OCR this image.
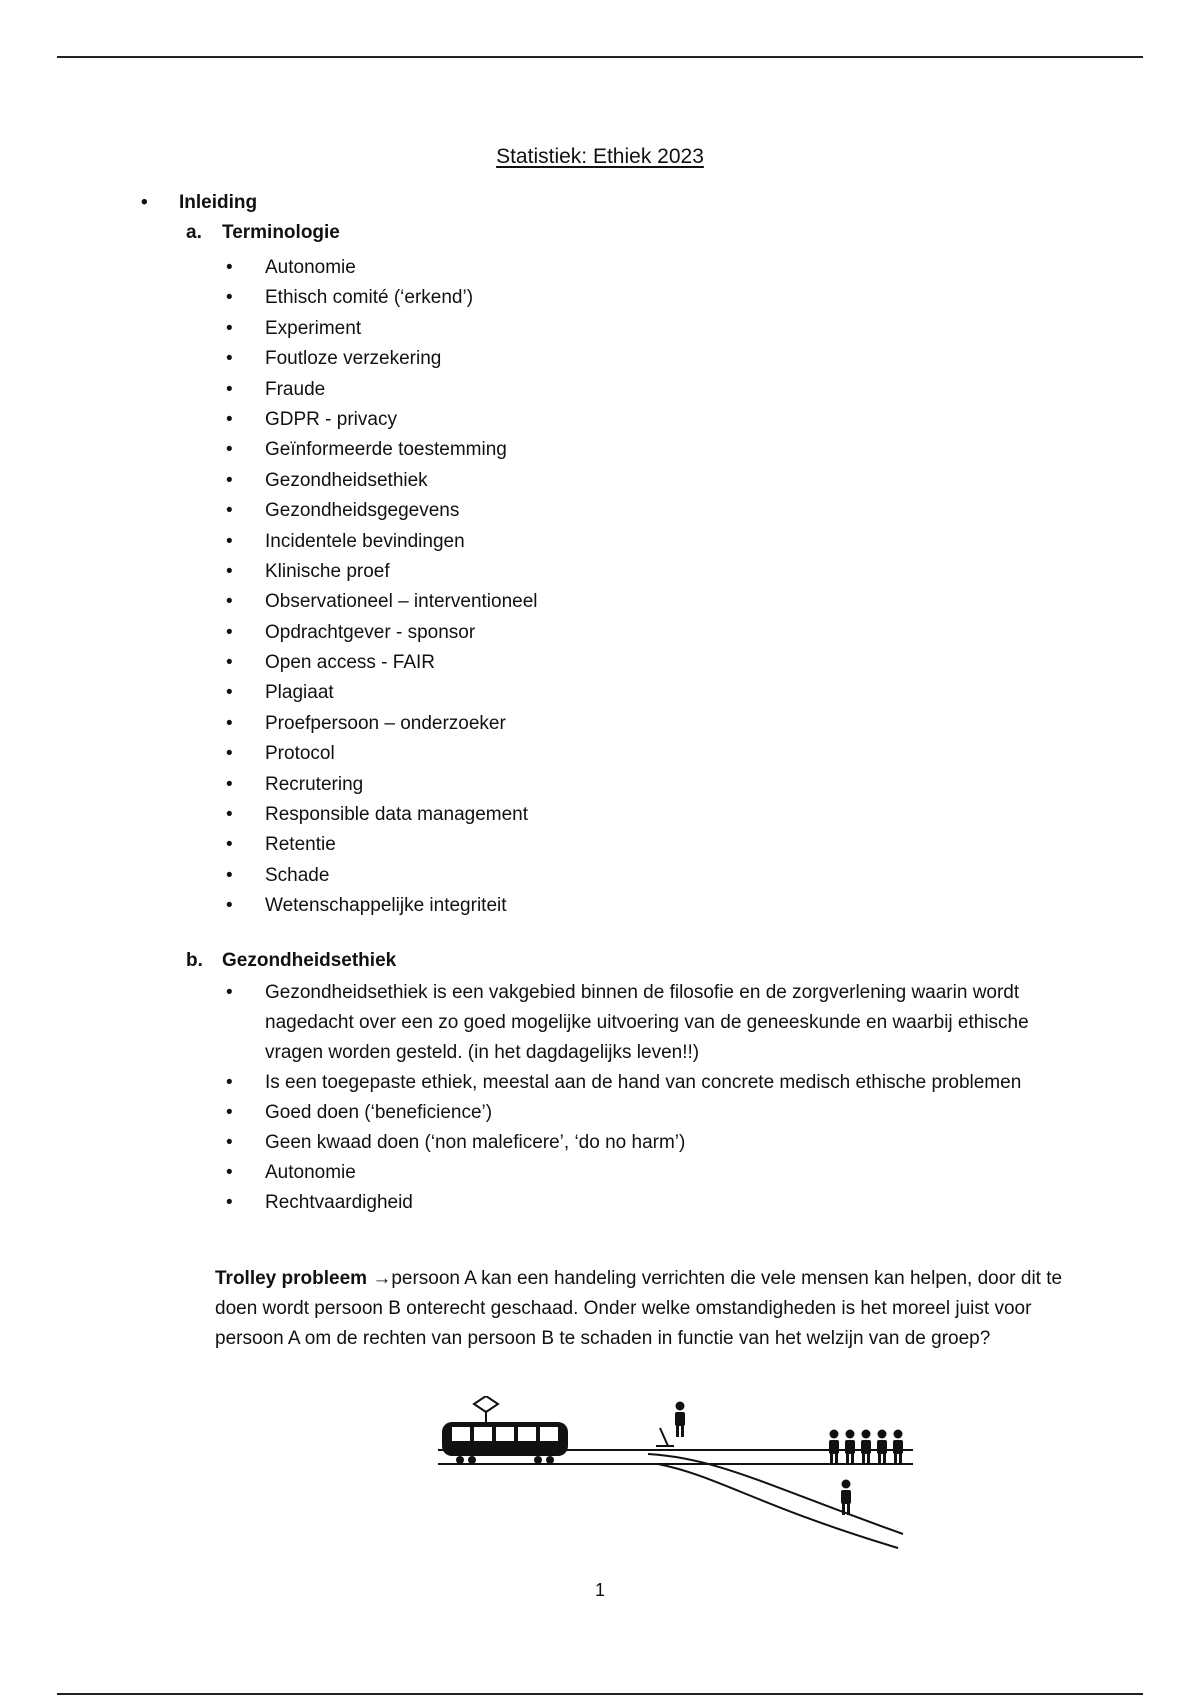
Statistiek: Ethiek 2023
• Inleiding
a. Terminologie
• Autonomie
• Ethisch comité (‘erkend’)
• Experiment
• Foutloze verzekering
• Fraude
• GDPR - privacy
• Geïnformeerde toestemming
• Gezondheidsethiek
• Gezondheidsgegevens
• Incidentele bevindingen
• Klinische proef
• Observationeel – interventioneel
• Opdrachtgever - sponsor
• Open access - FAIR
• Plagiaat
• Proefpersoon – onderzoeker
• Protocol
• Recrutering
• Responsible data management
• Retentie
• Schade
• Wetenschappelijke integriteit
b. Gezondheidsethiek
• Gezondheidsethiek is een vakgebied binnen de filosofie en de zorgverlening waarin wordt nagedacht over een zo goed mogelijke uitvoering van de geneeskunde en waarbij ethische vragen worden gesteld. (in het dagdagelijks leven!!)
• Is een toegepaste ethiek, meestal aan de hand van concrete medisch ethische problemen
• Goed doen (‘beneficience’)
• Geen kwaad doen (‘non maleficere’, ‘do no harm’)
• Autonomie
• Rechtvaardigheid
Trolley probleem →persoon A kan een handeling verrichten die vele mensen kan helpen, door dit te doen wordt persoon B onterecht geschaad. Onder welke omstandigheden is het moreel juist voor persoon A om de rechten van persoon B te schaden in functie van het welzijn van de groep?
1
